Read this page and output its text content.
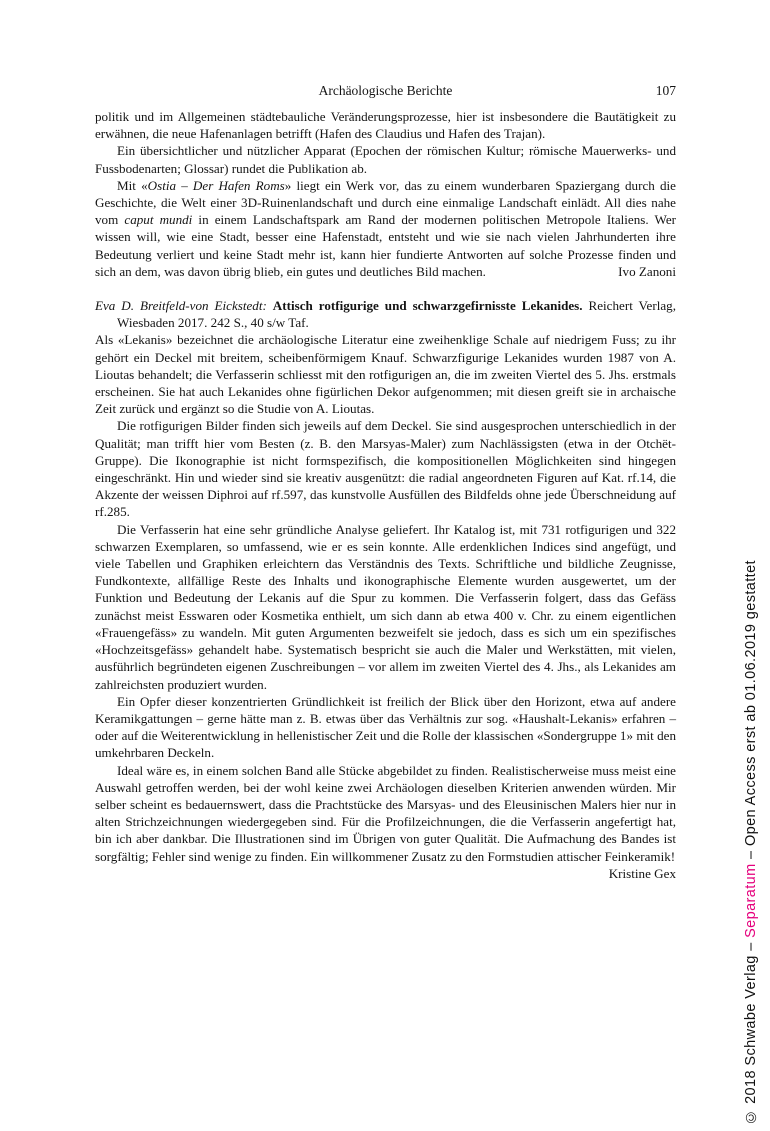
Archäologische Berichte	107

politik und im Allgemeinen städtebauliche Veränderungsprozesse, hier ist insbesondere die Bautätigkeit zu erwähnen, die neue Hafenanlagen betrifft (Hafen des Claudius und Hafen des Trajan).

Ein übersichtlicher und nützlicher Apparat (Epochen der römischen Kultur; römische Mauerwerks- und Fussbodenarten; Glossar) rundet die Publikation ab.

Mit «Ostia – Der Hafen Roms» liegt ein Werk vor, das zu einem wunderbaren Spaziergang durch die Geschichte, die Welt einer 3D-Ruinenlandschaft und durch eine einmalige Landschaft einlädt. All dies nahe vom caput mundi in einem Landschaftspark am Rand der modernen politischen Metropole Italiens. Wer wissen will, wie eine Stadt, besser eine Hafenstadt, entsteht und wie sie nach vielen Jahrhunderten ihre Bedeutung verliert und keine Stadt mehr ist, kann hier fundierte Antworten auf solche Prozesse finden und sich an dem, was davon übrig blieb, ein gutes und deutliches Bild machen.	Ivo Zanoni

Eva D. Breitfeld-von Eickstedt: Attisch rotfigurige und schwarzgefirnisste Lekanides. Reichert Verlag, Wiesbaden 2017. 242 S., 40 s/w Taf.

Als «Lekanis» bezeichnet die archäologische Literatur eine zweihenklige Schale auf niedrigem Fuss; zu ihr gehört ein Deckel mit breitem, scheibenförmigem Knauf. Schwarzfigurige Lekanides wurden 1987 von A. Lioutas behandelt; die Verfasserin schliesst mit den rotfigurigen an, die im zweiten Viertel des 5. Jhs. erstmals erscheinen. Sie hat auch Lekanides ohne figürlichen Dekor aufgenommen; mit diesen greift sie in archaische Zeit zurück und ergänzt so die Studie von A. Lioutas.

Die rotfigurigen Bilder finden sich jeweils auf dem Deckel. Sie sind ausgesprochen unterschiedlich in der Qualität; man trifft hier vom Besten (z. B. den Marsyas-Maler) zum Nachlässigsten (etwa in der Otchët-Gruppe). Die Ikonographie ist nicht formspezifisch, die kompositionellen Möglichkeiten sind hingegen eingeschränkt. Hin und wieder sind sie kreativ ausgenützt: die radial angeordneten Figuren auf Kat. rf.14, die Akzente der weissen Diphroi auf rf.597, das kunstvolle Ausfüllen des Bildfelds ohne jede Überschneidung auf rf.285.

Die Verfasserin hat eine sehr gründliche Analyse geliefert. Ihr Katalog ist, mit 731 rotfigurigen und 322 schwarzen Exemplaren, so umfassend, wie er es sein konnte. Alle erdenklichen Indices sind angefügt, und viele Tabellen und Graphiken erleichtern das Verständnis des Texts. Schriftliche und bildliche Zeugnisse, Fundkontexte, allfällige Reste des Inhalts und ikonographische Elemente wurden ausgewertet, um der Funktion und Bedeutung der Lekanis auf die Spur zu kommen. Die Verfasserin folgert, dass das Gefäss zunächst meist Esswaren oder Kosmetika enthielt, um sich dann ab etwa 400 v. Chr. zu einem eigentlichen «Frauengefäss» zu wandeln. Mit guten Argumenten bezweifelt sie jedoch, dass es sich um ein spezifisches «Hochzeitsgefäss» gehandelt habe. Systematisch bespricht sie auch die Maler und Werkstätten, mit vielen, ausführlich begründeten eigenen Zuschreibungen – vor allem im zweiten Viertel des 4. Jhs., als Lekanides am zahlreichsten produziert wurden.

Ein Opfer dieser konzentrierten Gründlichkeit ist freilich der Blick über den Horizont, etwa auf andere Keramikgattungen – gerne hätte man z. B. etwas über das Verhältnis zur sog. «Haushalt-Lekanis» erfahren – oder auf die Weiterentwicklung in hellenistischer Zeit und die Rolle der klassischen «Sondergruppe 1» mit den umkehrbaren Deckeln.

Ideal wäre es, in einem solchen Band alle Stücke abgebildet zu finden. Realistischerweise muss meist eine Auswahl getroffen werden, bei der wohl keine zwei Archäologen dieselben Kriterien anwenden würden. Mir selber scheint es bedauernswert, dass die Prachtstücke des Marsyas- und des Eleusinischen Malers hier nur in alten Strichzeichnungen wiedergegeben sind. Für die Profilzeichnungen, die die Verfasserin angefertigt hat, bin ich aber dankbar. Die Illustrationen sind im Übrigen von guter Qualität. Die Aufmachung des Bandes ist sorgfältig; Fehler sind wenige zu finden. Ein willkommener Zusatz zu den Formstudien attischer Feinkeramik!
Kristine Gex

© 2018 Schwabe Verlag – Separatum – Open Access erst ab 01.06.2019 gestattet
